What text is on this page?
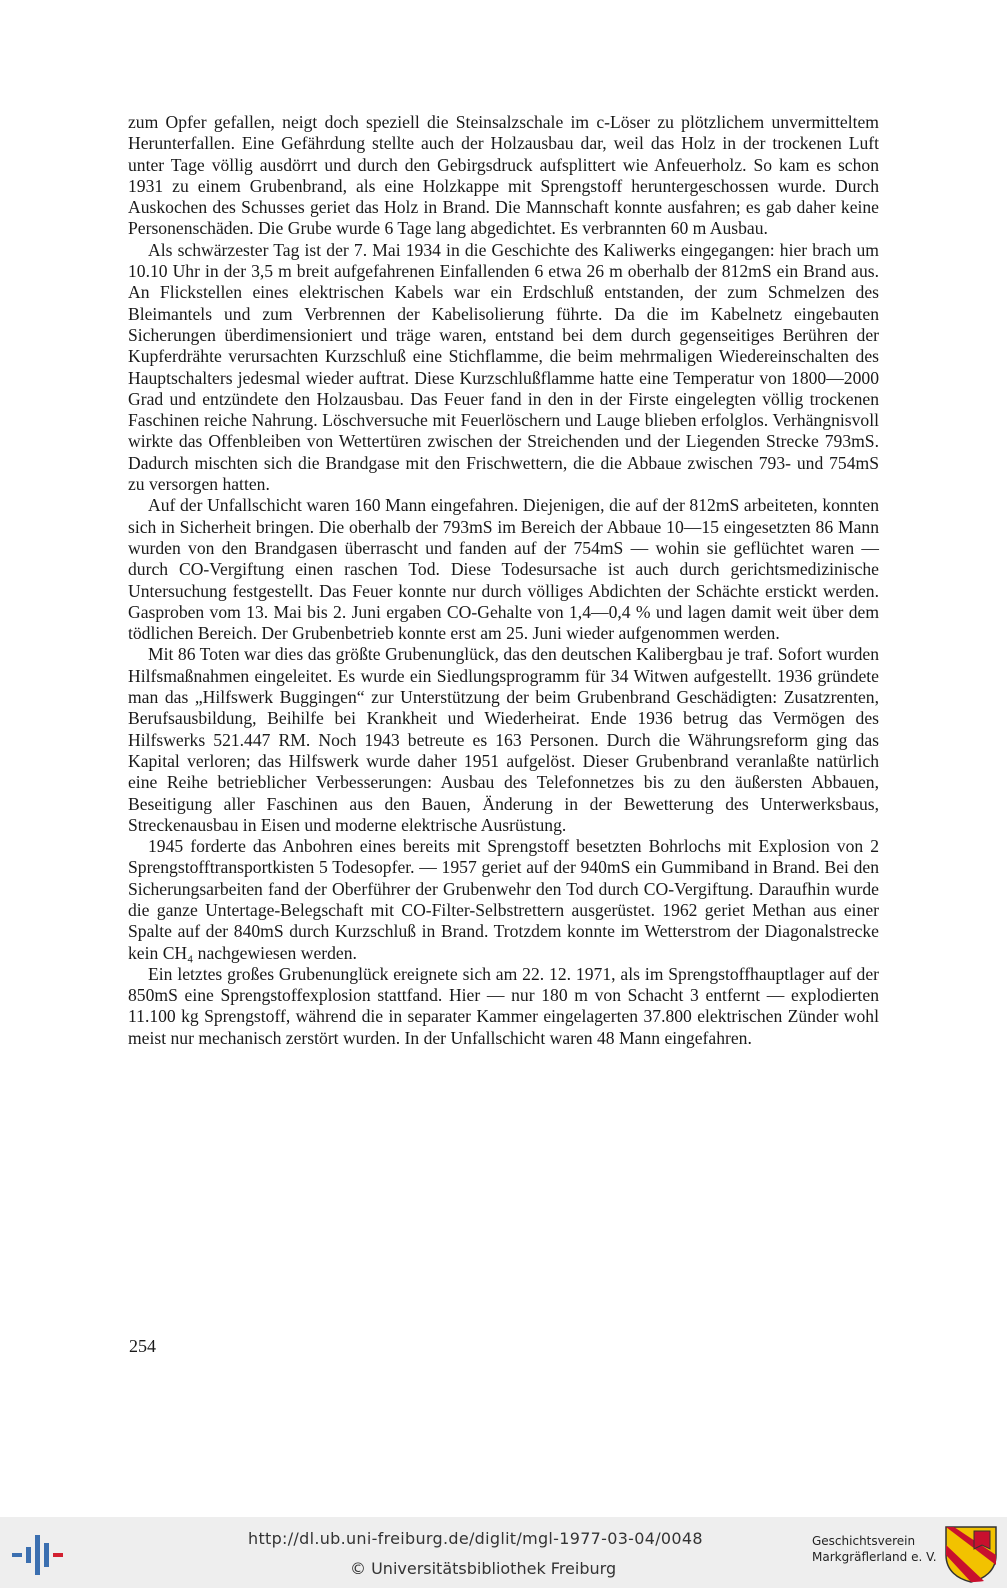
zum Opfer gefallen, neigt doch speziell die Steinsalzschale im c-Löser zu plötzlichem unvermitteltem Herunterfallen. Eine Gefährdung stellte auch der Holzausbau dar, weil das Holz in der trockenen Luft unter Tage völlig ausdörrt und durch den Gebirgsdruck aufsplittert wie Anfeuerholz. So kam es schon 1931 zu einem Grubenbrand, als eine Holzkappe mit Sprengstoff heruntergeschossen wurde. Durch Auskochen des Schusses geriet das Holz in Brand. Die Mannschaft konnte ausfahren; es gab daher keine Personenschäden. Die Grube wurde 6 Tage lang abgedichtet. Es verbrannten 60 m Ausbau.

Als schwärzester Tag ist der 7. Mai 1934 in die Geschichte des Kaliwerks eingegangen: hier brach um 10.10 Uhr in der 3,5 m breit aufgefahrenen Einfallenden 6 etwa 26 m oberhalb der 812mS ein Brand aus. An Flickstellen eines elektrischen Kabels war ein Erdschluß entstanden, der zum Schmelzen des Bleimantels und zum Verbrennen der Kabelisolierung führte. Da die im Kabelnetz eingebauten Sicherungen überdimensioniert und träge waren, entstand bei dem durch gegenseitiges Berühren der Kupferdrähte verursachten Kurzschluß eine Stichflamme, die beim mehrmaligen Wiedereinschalten des Hauptschalters jedesmal wieder auftrat. Diese Kurzschlußflamme hatte eine Temperatur von 1800—2000 Grad und entzündete den Holzausbau. Das Feuer fand in den in der Firste eingelegten völlig trockenen Faschinen reiche Nahrung. Löschversuche mit Feuerlöschern und Lauge blieben erfolglos. Verhängnisvoll wirkte das Offenbleiben von Wettertüren zwischen der Streichenden und der Liegenden Strecke 793mS. Dadurch mischten sich die Brandgase mit den Frischwettern, die die Abbaue zwischen 793- und 754mS zu versorgen hatten.

Auf der Unfallschicht waren 160 Mann eingefahren. Diejenigen, die auf der 812mS arbeiteten, konnten sich in Sicherheit bringen. Die oberhalb der 793mS im Bereich der Abbaue 10—15 eingesetzten 86 Mann wurden von den Brandgasen überrascht und fanden auf der 754mS — wohin sie geflüchtet waren — durch CO-Vergiftung einen raschen Tod. Diese Todesursache ist auch durch gerichtsmedizinische Untersuchung festgestellt. Das Feuer konnte nur durch völliges Abdichten der Schächte erstickt werden. Gasproben vom 13. Mai bis 2. Juni ergaben CO-Gehalte von 1,4—0,4 % und lagen damit weit über dem tödlichen Bereich. Der Grubenbetrieb konnte erst am 25. Juni wieder aufgenommen werden.

Mit 86 Toten war dies das größte Grubenunglück, das den deutschen Kalibergbau je traf. Sofort wurden Hilfsmaßnahmen eingeleitet. Es wurde ein Siedlungsprogramm für 34 Witwen aufgestellt. 1936 gründete man das „Hilfswerk Buggingen“ zur Unterstützung der beim Grubenbrand Geschädigten: Zusatzrenten, Berufsausbildung, Beihilfe bei Krankheit und Wiederheirat. Ende 1936 betrug das Vermögen des Hilfswerks 521.447 RM. Noch 1943 betreute es 163 Personen. Durch die Währungsreform ging das Kapital verloren; das Hilfswerk wurde daher 1951 aufgelöst. Dieser Grubenbrand veranlaßte natürlich eine Reihe betrieblicher Verbesserungen: Ausbau des Telefonnetzes bis zu den äußersten Abbauen, Beseitigung aller Faschinen aus den Bauen, Änderung in der Bewetterung des Unterwerksbaus, Streckenausbau in Eisen und moderne elektrische Ausrüstung.

1945 forderte das Anbohren eines bereits mit Sprengstoff besetzten Bohrlochs mit Explosion von 2 Sprengstofftransportkisten 5 Todesopfer. — 1957 geriet auf der 940mS ein Gummiband in Brand. Bei den Sicherungsarbeiten fand der Oberführer der Grubenwehr den Tod durch CO-Vergiftung. Daraufhin wurde die ganze Untertage-Belegschaft mit CO-Filter-Selbstrettern ausgerüstet. 1962 geriet Methan aus einer Spalte auf der 840mS durch Kurzschluß in Brand. Trotzdem konnte im Wetterstrom der Diagonalstrecke kein CH₄ nachgewiesen werden.

Ein letztes großes Grubenunglück ereignete sich am 22. 12. 1971, als im Sprengstoffhauptlager auf der 850mS eine Sprengstoffexplosion stattfand. Hier — nur 180 m von Schacht 3 entfernt — explodierten 11.100 kg Sprengstoff, während die in separater Kammer eingelagerten 37.800 elektrischen Zünder wohl meist nur mechanisch zerstört wurden. In der Unfallschicht waren 48 Mann eingefahren.

254
http://dl.ub.uni-freiburg.de/diglit/mgl-1977-03-04/0048
© Universitätsbibliothek Freiburg
Geschichtsverein
Markgräflerland e. V.
